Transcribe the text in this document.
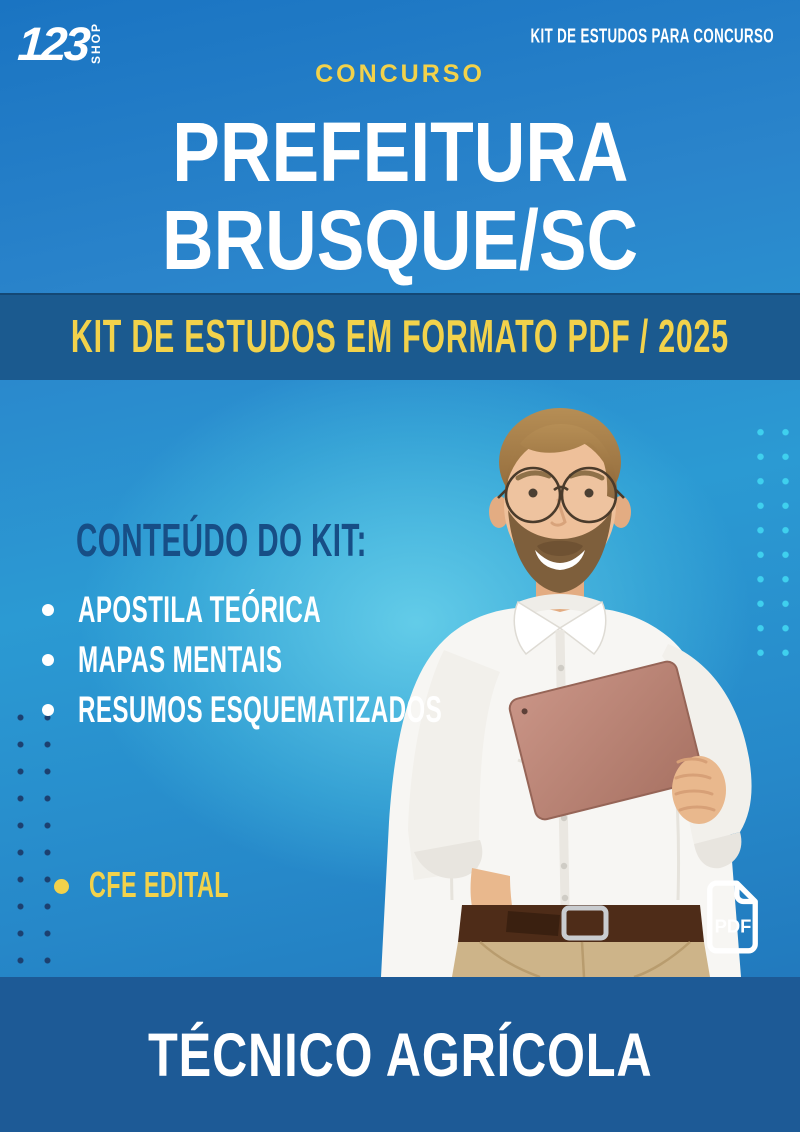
123 SHOP	KIT DE ESTUDOS PARA CONCURSO
CONCURSO
PREFEITURA
BRUSQUE/SC
KIT DE ESTUDOS EM FORMATO PDF / 2025
CONTEÚDO DO KIT:
APOSTILA TEÓRICA
MAPAS MENTAIS
RESUMOS ESQUEMATIZADOS
CFE EDITAL
PDF
TÉCNICO AGRÍCOLA
